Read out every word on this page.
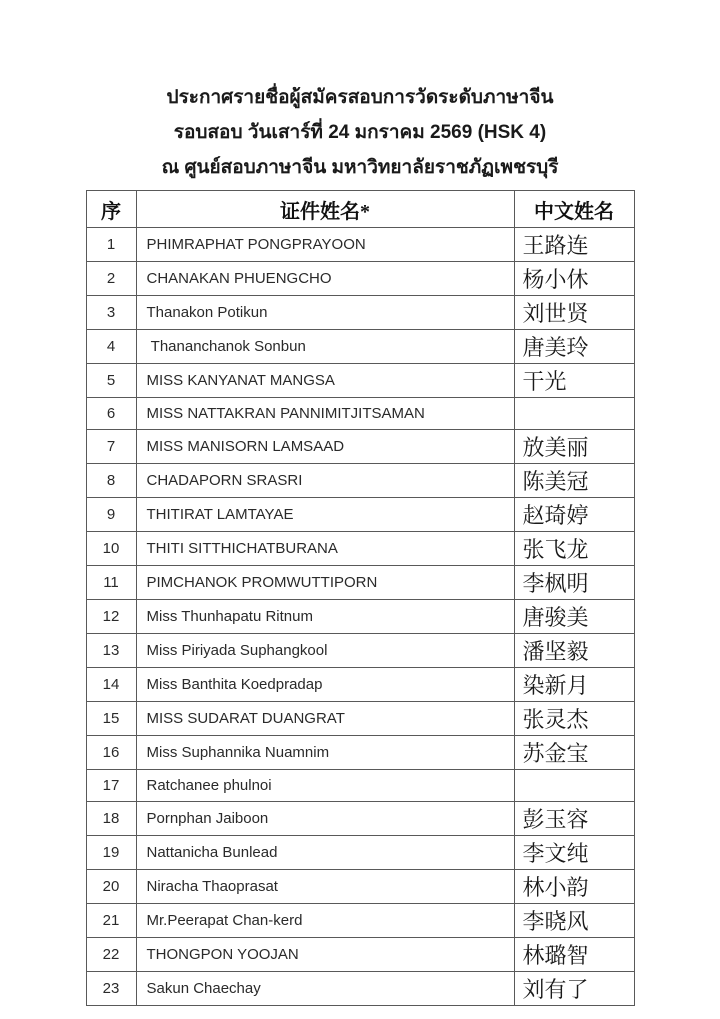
ประกาศรายชื่อผู้สมัครสอบการวัดระดับภาษาจีน
รอบสอบ วันเสาร์ที่ 24 มกราคม 2569 (HSK 4)
ณ ศูนย์สอบภาษาจีน มหาวิทยาลัยราชภัฏเพชรบุรี
序	证件姓名*	中文姓名
1	PHIMRAPHAT PONGPRAYOON	王路连
2	CHANAKAN PHUENGCHO	杨小休
3	Thanakon Potikun	刘世贤
4	Thananchanok Sonbun	唐美玲
5	MISS KANYANAT MANGSA	干光
6	MISS NATTAKRAN PANNIMITJITSAMAN	
7	MISS MANISORN LAMSAAD	放美丽
8	CHADAPORN SRASRI	陈美冠
9	THITIRAT LAMTAYAE	赵琦婷
10	THITI SITTHICHATBURANA	张飞龙
11	PIMCHANOK PROMWUTTIPORN	李枫明
12	Miss Thunhapatu Ritnum	唐骏美
13	Miss Piriyada Suphangkool	潘坚毅
14	Miss Banthita Koedpradap	染新月
15	MISS SUDARAT DUANGRAT	张灵杰
16	Miss Suphannika Nuamnim	苏金宝
17	Ratchanee phulnoi	
18	Pornphan Jaiboon	彭玉容
19	Nattanicha Bunlead	李文纯
20	Niracha Thaoprasat	林小韵
21	Mr.Peerapat Chan-kerd	李晓风
22	THONGPON YOOJAN	林璐智
23	Sakun Chaechay	刘有了
